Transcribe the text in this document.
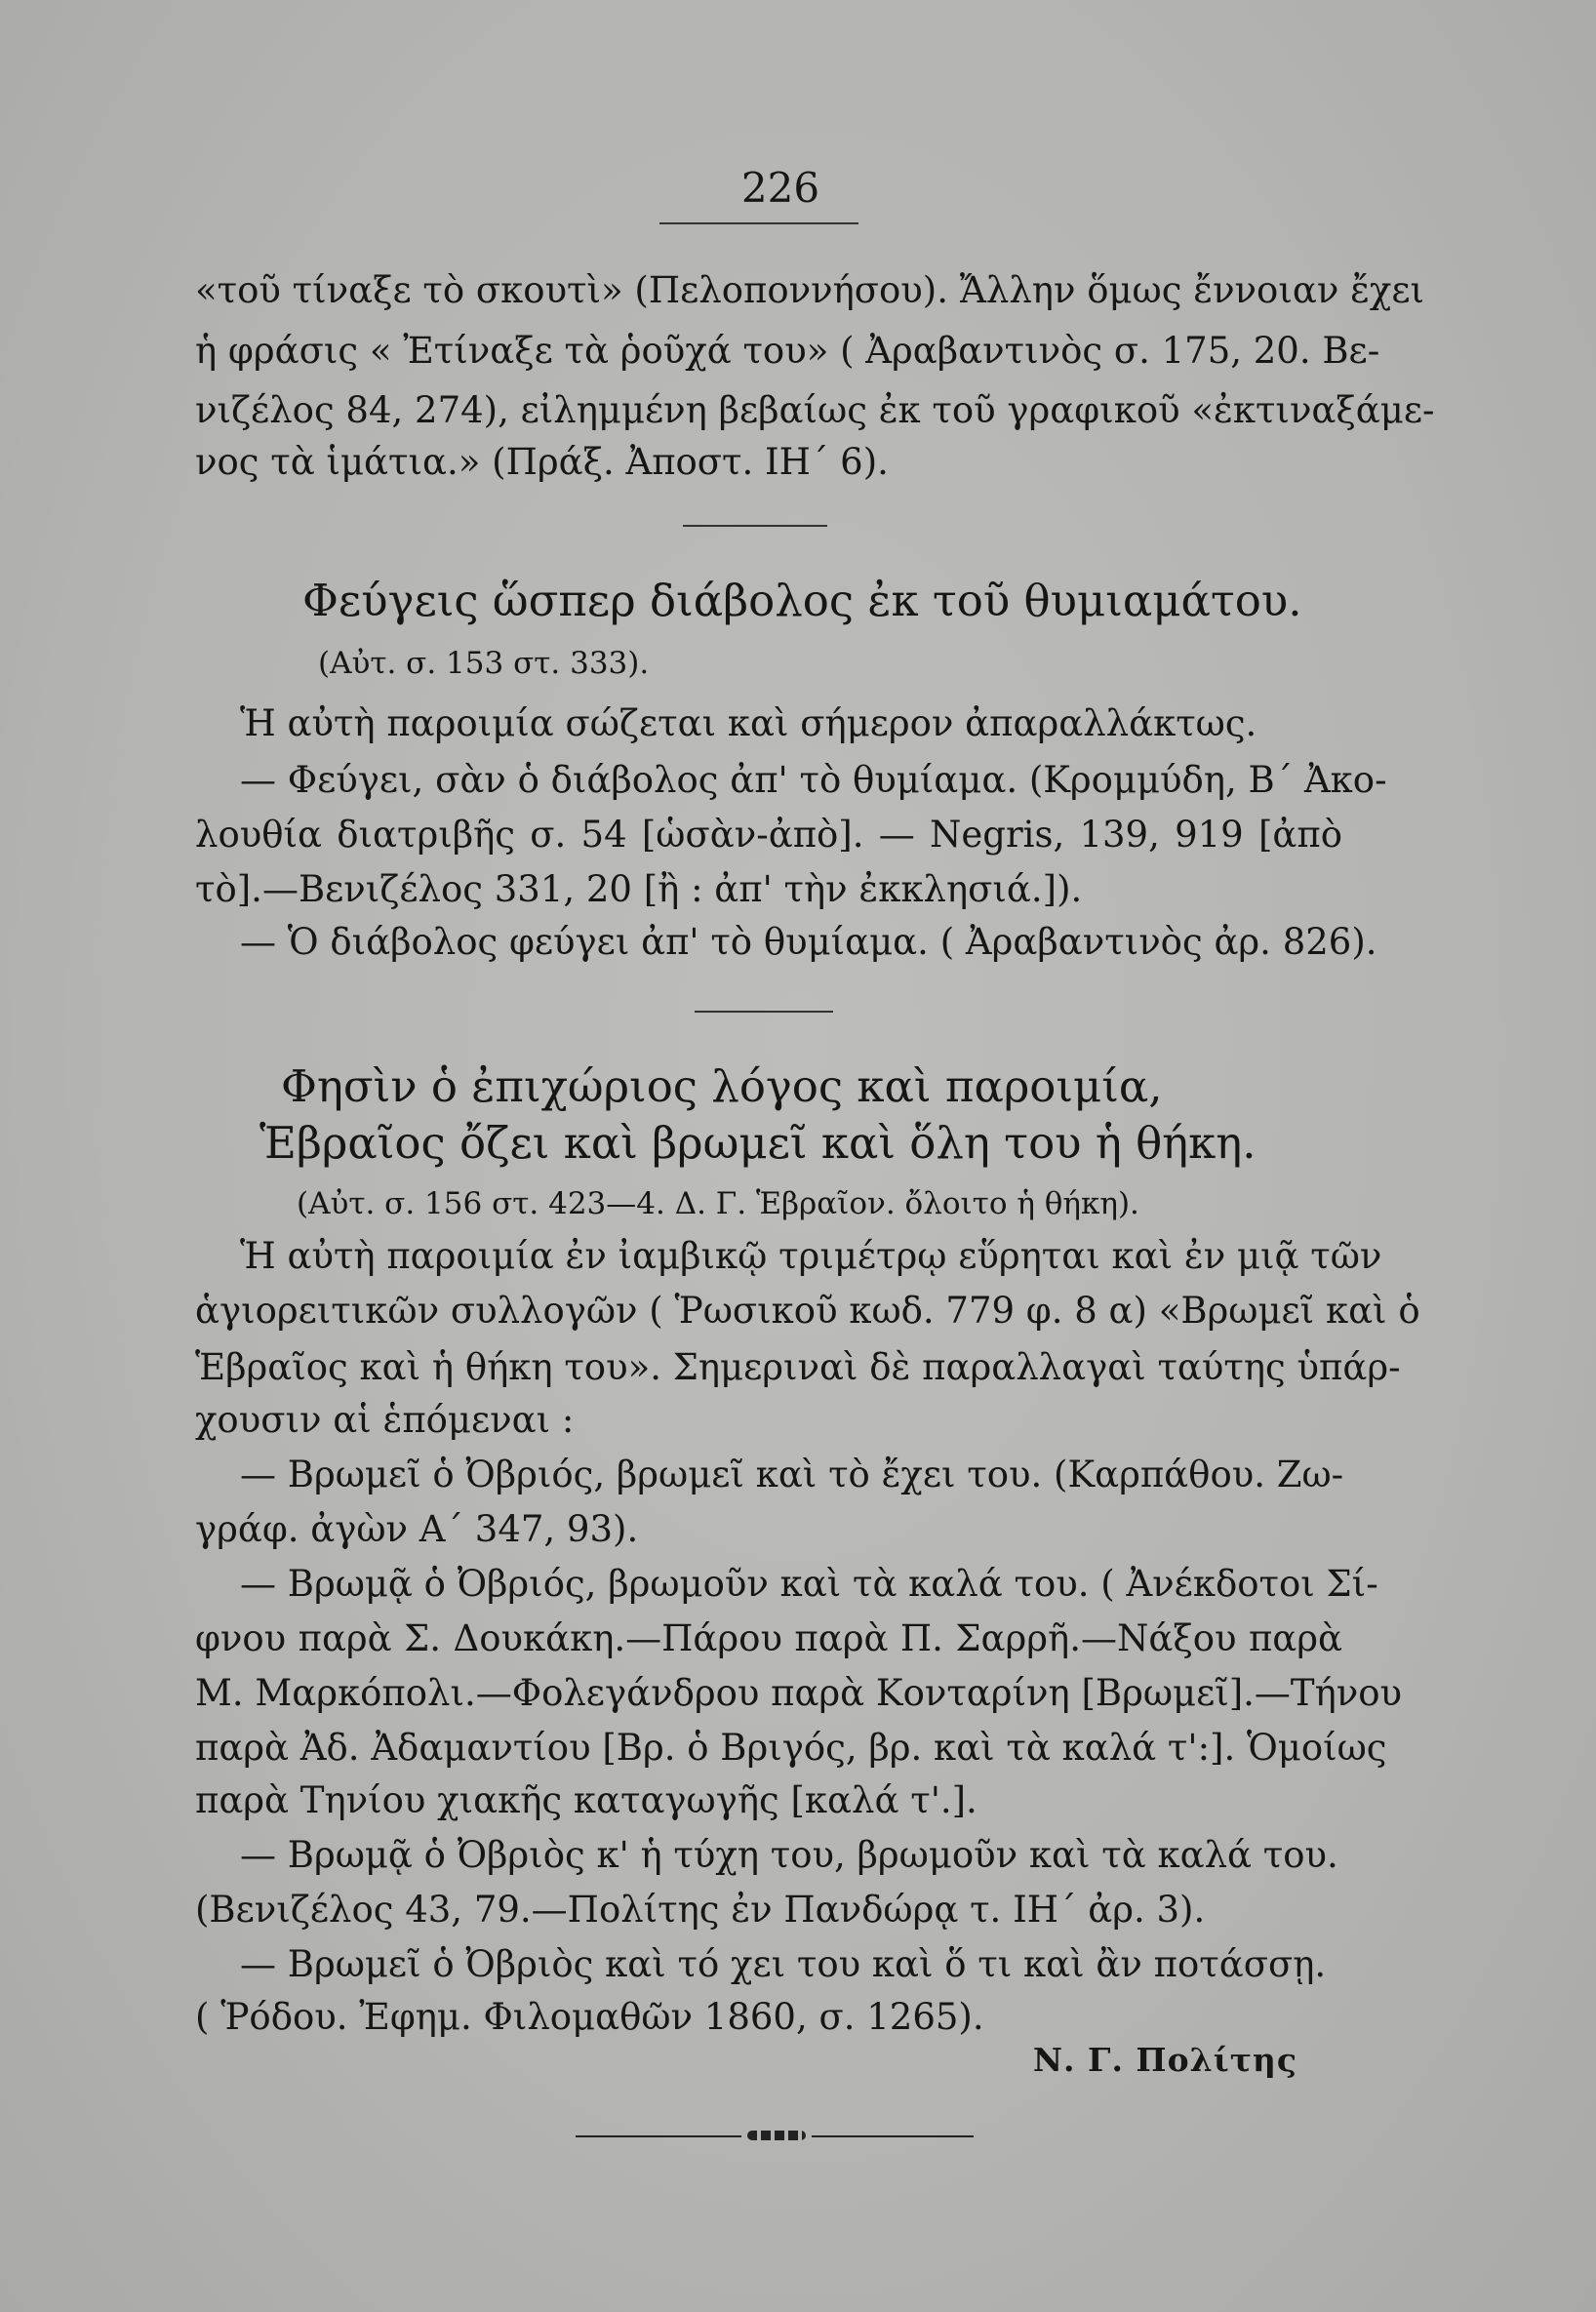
226
«τοῦ τίναξε τὸ σκουτὶ» (Πελοποννήσου). Ἄλλην ὅμως ἔννοιαν ἔχει
ἡ φράσις « Ἐτίναξε τὰ ῥοῦχά του» ( Ἀραβαντινὸς σ. 175, 20. Βε-
νιζέλος 84, 274), εἰλημμένη βεβαίως ἐκ τοῦ γραφικοῦ «ἐκτιναξάμε-
νος τὰ ἱμάτια.» (Πράξ. Ἀποστ. ΙΗ΄ 6).
Φεύγεις ὥσπερ διάβολος ἐκ τοῦ θυμιαμάτου.
(Αὐτ. σ. 153 στ. 333).
Ἡ αὐτὴ παροιμία σώζεται καὶ σήμερον ἀπαραλλάκτως.
— Φεύγει, σὰν ὁ διάβολος ἀπ' τὸ θυμίαμα. (Κρομμύδη, Β΄ Ἀκο-
λουθία διατριβῆς σ. 54 [ὡσὰν-ἀπὸ]. — Negris, 139, 919 [ἀπὸ
τὸ].—Βενιζέλος 331, 20 [ἢ : ἀπ' τὴν ἐκκλησιά.]).
— Ὁ διάβολος φεύγει ἀπ' τὸ θυμίαμα. ( Ἀραβαντινὸς ἀρ. 826).
Φησὶν ὁ ἐπιχώριος λόγος καὶ παροιμία,
Ἑβραῖος ὄζει καὶ βρωμεῖ καὶ ὅλη του ἡ θήκη.
(Αὐτ. σ. 156 στ. 423—4. Δ. Γ. Ἑβραῖον. ὄλοιτο ἡ θήκη).
Ἡ αὐτὴ παροιμία ἐν ἰαμβικῷ τριμέτρῳ εὕρηται καὶ ἐν μιᾷ τῶν
ἁγιορειτικῶν συλλογῶν ( Ῥωσικοῦ κωδ. 779 φ. 8 α) «Βρωμεῖ καὶ ὁ
Ἑβραῖος καὶ ἡ θήκη του». Σημεριναὶ δὲ παραλλαγαὶ ταύτης ὑπάρ-
χουσιν αἱ ἑπόμεναι :
— Βρωμεῖ ὁ Ὀβριός, βρωμεῖ καὶ τὸ ἔχει του. (Καρπάθου. Ζω-
γράφ. ἀγὼν Α΄ 347, 93).
— Βρωμᾷ ὁ Ὀβριός, βρωμοῦν καὶ τὰ καλά του. ( Ἀνέκδοτοι Σί-
φνου παρὰ Σ. Δουκάκη.—Πάρου παρὰ Π. Σαρρῆ.—Νάξου παρὰ
Μ. Μαρκόπολι.—Φολεγάνδρου παρὰ Κονταρίνη [Βρωμεῖ].—Τήνου
παρὰ Ἀδ. Ἀδαμαντίου [Βρ. ὁ Βριγός, βρ. καὶ τὰ καλά τ':]. Ὁμοίως
παρὰ Τηνίου χιακῆς καταγωγῆς [καλά τ'.].
— Βρωμᾷ ὁ Ὀβριὸς κ' ἡ τύχη του, βρωμοῦν καὶ τὰ καλά του.
(Βενιζέλος 43, 79.—Πολίτης ἐν Πανδώρᾳ τ. ΙΗ΄ ἀρ. 3).
— Βρωμεῖ ὁ Ὀβριὸς καὶ τό χει του καὶ ὅ τι καὶ ἂν ποτάσσῃ.
( Ῥόδου. Ἐφημ. Φιλομαθῶν 1860, σ. 1265).
Ν. Γ. Πολίτης
